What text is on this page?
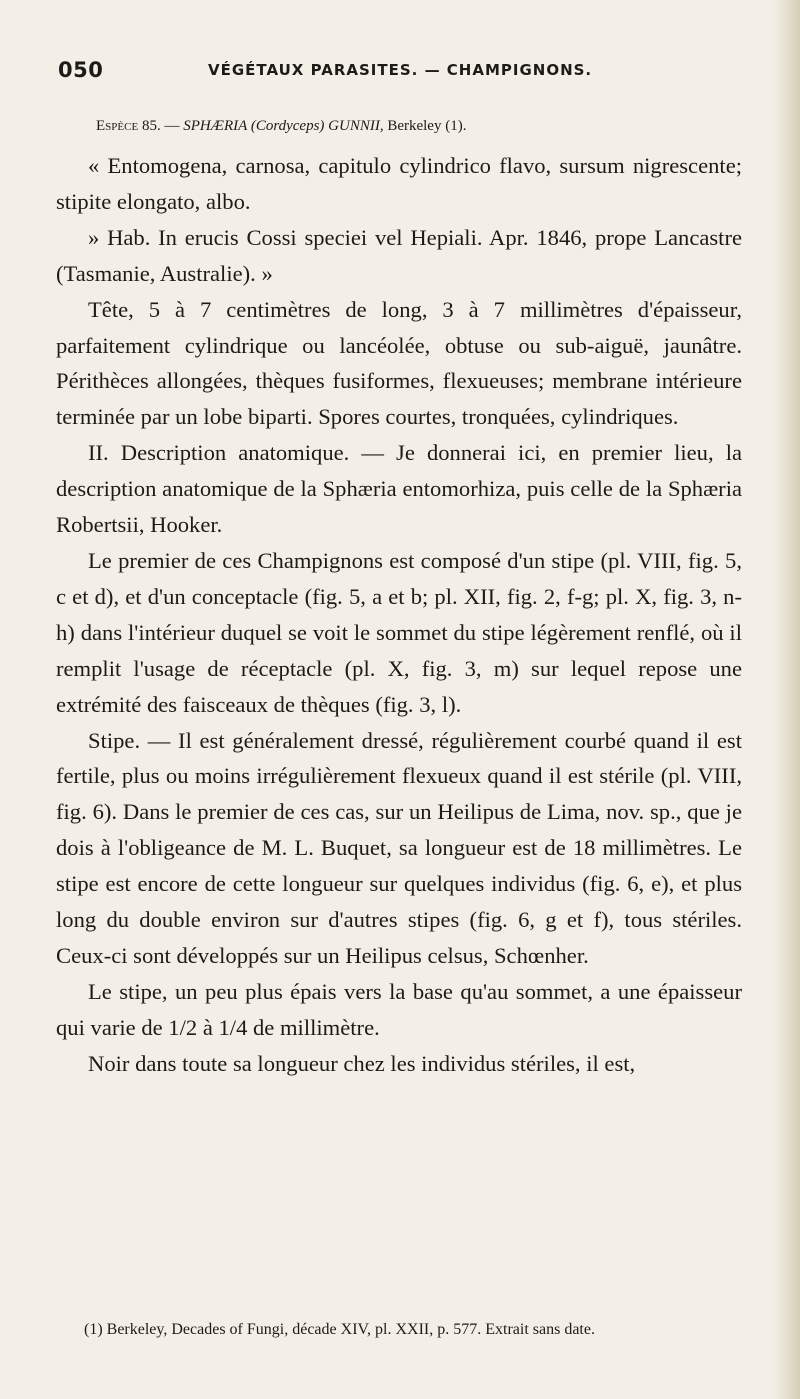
050	VÉGÉTAUX PARASITES. — CHAMPIGNONS.
Espèce 85. — SPHÆRIA (Cordyceps) GUNNII, Berkeley (1).

« Entomogena, carnosa, capitulo cylindrico flavo, sursum nigrescente; stipite elongato, albo.

» Hab. In erucis Cossi speciei vel Hepiali. Apr. 1846, prope Lancastre (Tasmanie, Australie). »

Tête, 5 à 7 centimètres de long, 3 à 7 millimètres d'épaisseur, parfaitement cylindrique ou lancéolée, obtuse ou sub-aiguë, jaunâtre. Périthèces allongées, thèques fusiformes, flexueuses; membrane intérieure terminée par un lobe biparti. Spores courtes, tronquées, cylindriques.

II. Description anatomique. — Je donnerai ici, en premier lieu, la description anatomique de la Sphæria entomorhiza, puis celle de la Sphæria Robertsii, Hooker.

Le premier de ces Champignons est composé d'un stipe (pl. VIII, fig. 5, c et d), et d'un conceptacle (fig. 5, a et b; pl. XII, fig. 2, f-g; pl. X, fig. 3, n-h) dans l'intérieur duquel se voit le sommet du stipe légèrement renflé, où il remplit l'usage de réceptacle (pl. X, fig. 3, m) sur lequel repose une extrémité des faisceaux de thèques (fig. 3, l).

Stipe. — Il est généralement dressé, régulièrement courbé quand il est fertile, plus ou moins irrégulièrement flexueux quand il est stérile (pl. VIII, fig. 6). Dans le premier de ces cas, sur un Heilipus de Lima, nov. sp., que je dois à l'obligeance de M. L. Buquet, sa longueur est de 18 millimètres. Le stipe est encore de cette longueur sur quelques individus (fig. 6, e), et plus long du double environ sur d'autres stipes (fig. 6, g et f), tous stériles. Ceux-ci sont développés sur un Heilipus celsus, Schœnher.

Le stipe, un peu plus épais vers la base qu'au sommet, a une épaisseur qui varie de 1/2 à 1/4 de millimètre.

Noir dans toute sa longueur chez les individus stériles, il est,

(1) Berkeley, Decades of Fungi, décade XIV, pl. XXII, p. 577. Extrait sans date.
